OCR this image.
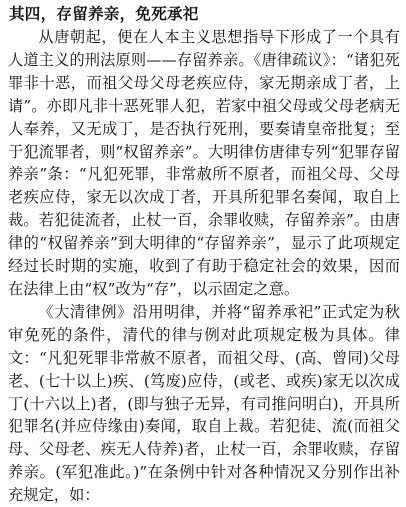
其四，存留养亲，免死承祀

从唐朝起，便在人本主义思想指导下形成了一个具有人道主义的刑法原则——存留养亲。《唐律疏议》：“诸犯死罪非十恶，而祖父母父母老疾应侍，家无期亲成丁者，上请”。亦即凡非十恶死罪人犯，若家中祖父母或父母老病无人奉养，又无成丁，是否执行死刑，要奏请皇帝批复；至于犯流罪者，则“权留养亲”。大明律仿唐律专列“犯罪存留养亲”条：“凡犯死罪，非常赦所不原者，而祖父母、父母老疾应侍，家无以次成丁者，开具所犯罪名奏闻，取自上裁。若犯徒流者，止杖一百，余罪收赎，存留养亲”。由唐律的“权留养亲”到大明律的“存留养亲”，显示了此项规定经过长时期的实施，收到了有助于稳定社会的效果，因而在法律上由“权”改为“存”，以示固定之意。

《大清律例》沿用明律，并将“留养承祀”正式定为秋审免死的条件，清代的律与例对此项规定极为具体。律文：“凡犯死罪非常赦不原者，而祖父母、(高、曾同)父母老、(七十以上)疾、(笃废)应侍，(或老、或疾)家无以次成丁(十六以上)者，(即与独子无异，有司推问明白)，开具所犯罪名(并应侍缘由)奏闻，取自上裁。若犯徒、流(而祖父母、父母老、疾无人侍养)者，止杖一百，余罪收赎，存留养亲。(军犯准此。)”在条例中针对各种情况又分别作出补充规定，如：
